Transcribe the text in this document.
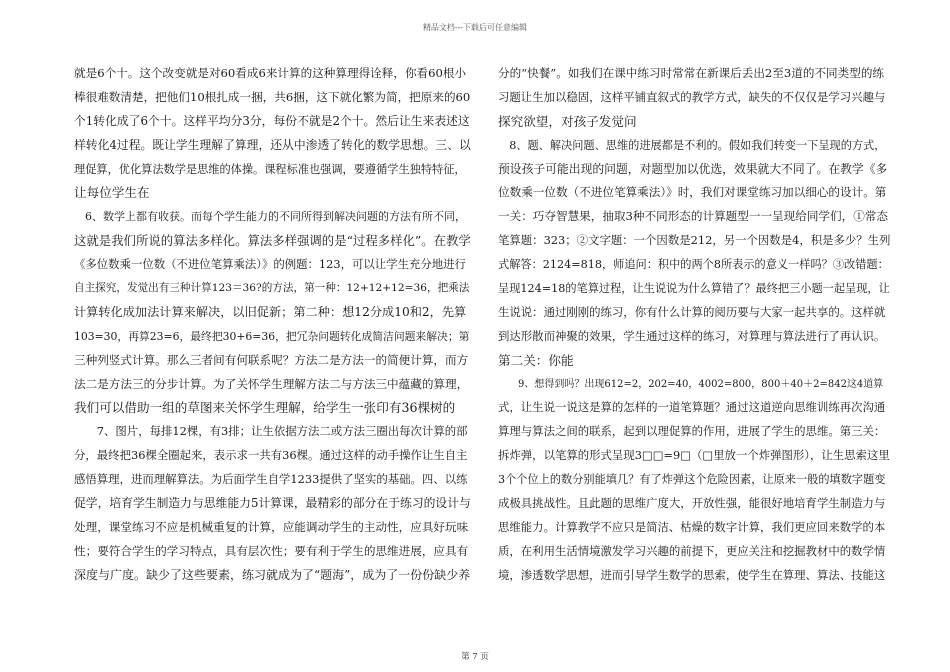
精品文档---下载后可任意编辑
就是6个十。这个改变就是对60看成6来计算的这种算理得诠释，你看60根小
棒很难数清楚，把他们10根扎成一捆，共6捆，这下就化繁为简，把原来的60
个1转化成了6个十。这样平均分3分，每份不就是2个十。然后让生来表述这
样转化4过程。既让学生理解了算理，还从中渗透了转化的数学思想。三、以
理促算，优化算法数学是思维的体操。课程标准也强调，要遵循学生独特特征，
让每位学生在
　6、数学上都有收获。而每个学生能力的不同所得到解决问题的方法有所不同，
这就是我们所说的算法多样化。算法多样强调的是“过程多样化”。在教学
《多位数乘一位数（不进位笔算乘法）》的例题：123，可以让学生充分地进行
自主探究，发觉出有三种计算123＝36?的方法，第一种：12+12+12=36，把乘法
计算转化成加法计算来解决，以旧促新；第二种：想12分成10和2，先算
103=30，再算23=6，最终把30+6=36，把冗杂问题转化成简洁问题来解决；第
三种列竖式计算。那么三者间有何联系呢？方法二是方法一的简便计算，而方
法二是方法三的分步计算。为了关怀学生理解方法二与方法三中蕴藏的算理，
我们可以借助一组的草图来关怀学生理解，给学生一张印有36棵树的
　　7、图片，每排12棵，有3排；让生依据方法二或方法三圈出每次计算的部
分，最终把36棵全圈起来，表示求一共有36棵。通过这样的动手操作让生自主
感悟算理，进而理解算法。为后面学生自学1233提供了坚实的基础。四、以练
促学，培育学生制造力与思维能力5计算课，最精彩的部分在于练习的设计与
处理，课堂练习不应是机械重复的计算，应能调动学生的主动性，应具好玩味
性；要符合学生的学习特点，具有层次性；要有利于学生的思维进展，应具有
深度与广度。缺少了这些要素，练习就成为了“题海”，成为了一份份缺少养
分的“快餐”。如我们在课中练习时常常在新课后丢出2至3道的不同类型的练
习题让生加以稳固，这样平铺直叙式的教学方式，缺失的不仅仅是学习兴趣与
探究欲望，对孩子发觉问
　8、题、解决问题、思维的进展都是不利的。假如我们转变一下呈现的方式，
预设孩子可能出现的问题，对题型加以优选，效果就大不同了。在教学《多
位数乘一位数（不进位笔算乘法）》时，我们对课堂练习加以细心的设计。第
一关：巧夺智慧果，抽取3种不同形态的计算题型一一呈现给同学们，①常态
笔算题：323；②文字题：一个因数是212，另一个因数是4，积是多少？生列
式解答：2124=818，师追问：积中的两个8所表示的意义一样吗？③改错题：
呈现124=18的笔算过程，让生说说为什么算错了？最终把三小题一起呈现，让
生说说：通过刚刚的练习，你有什么计算的阅历要与大家一起共享的。这样就
到达形散而神聚的效果，学生通过这样的练习，对算理与算法进行了再认识。
第二关：你能
　　9、想得到吗？出现612=2，202=40，4002=800，800＋40＋2=842这4道算
式，让生说一说这是算的怎样的一道笔算题？通过这道逆向思维训练再次沟通
算理与算法之间的联系，起到以理促算的作用，进展了学生的思维。第三关：
拆炸弹，以笔算的形式呈现3□□=9□（□里放一个炸弹图形），让生思索这里
3个个位上的数分别能填几？有了炸弹这个危险因素，让原来一般的填数字题变
成极具挑战性。且此题的思维广度大，开放性强，能很好地培育学生制造力与
思维能力。计算教学不应只是简洁、枯燥的数字计算，我们更应回来数学的本
质，在利用生活情境激发学习兴趣的前提下，更应关注和挖掘教材中的数学情
境，渗透数学思想，进而引导学生数学的思索，使学生在算理、算法、技能这
第 7 页
